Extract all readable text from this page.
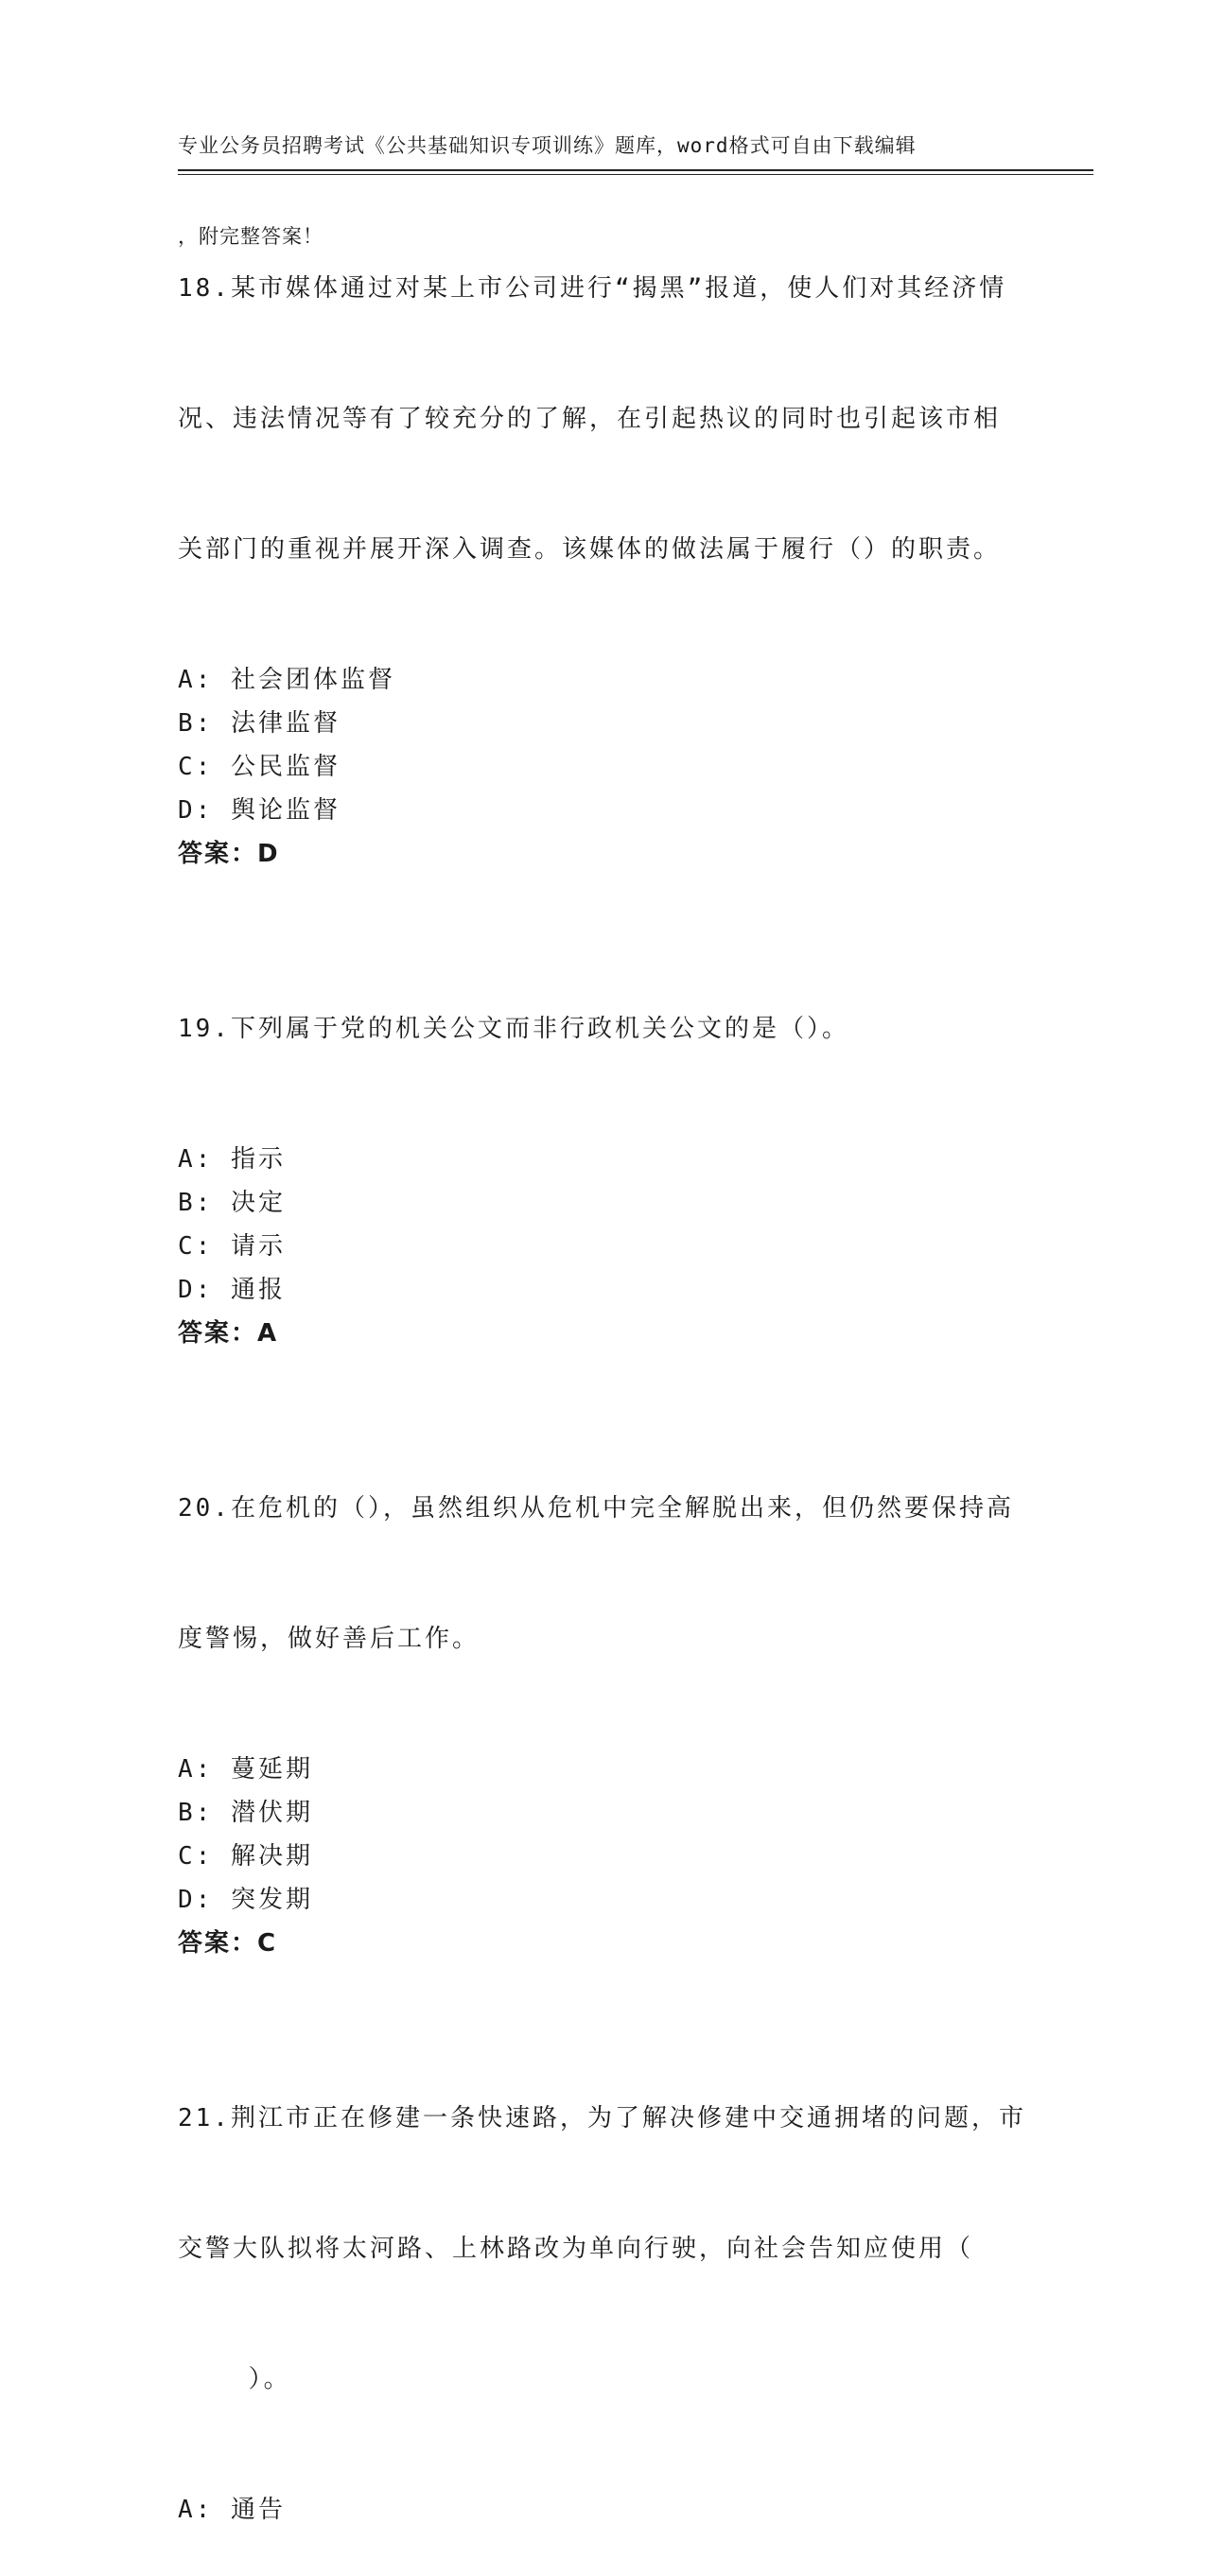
专业公务员招聘考试《公共基础知识专项训练》题库，word格式可自由下载编辑

，附完整答案！

18.某市媒体通过对某上市公司进行“揭黑”报道，使人们对其经济情

况、违法情况等有了较充分的了解，在引起热议的同时也引起该市相

关部门的重视并展开深入调查。该媒体的做法属于履行（）的职责。

A: 社会团体监督
B: 法律监督
C: 公民监督
D: 舆论监督
答案：D

19.下列属于党的机关公文而非行政机关公文的是（）。

A: 指示
B: 决定
C: 请示
D: 通报
答案：A

20.在危机的（），虽然组织从危机中完全解脱出来，但仍然要保持高

度警惕，做好善后工作。

A: 蔓延期
B: 潜伏期
C: 解决期
D: 突发期
答案：C

21.荆江市正在修建一条快速路，为了解决修建中交通拥堵的问题，市

交警大队拟将太河路、上林路改为单向行驶，向社会告知应使用（

）。

A: 通告
